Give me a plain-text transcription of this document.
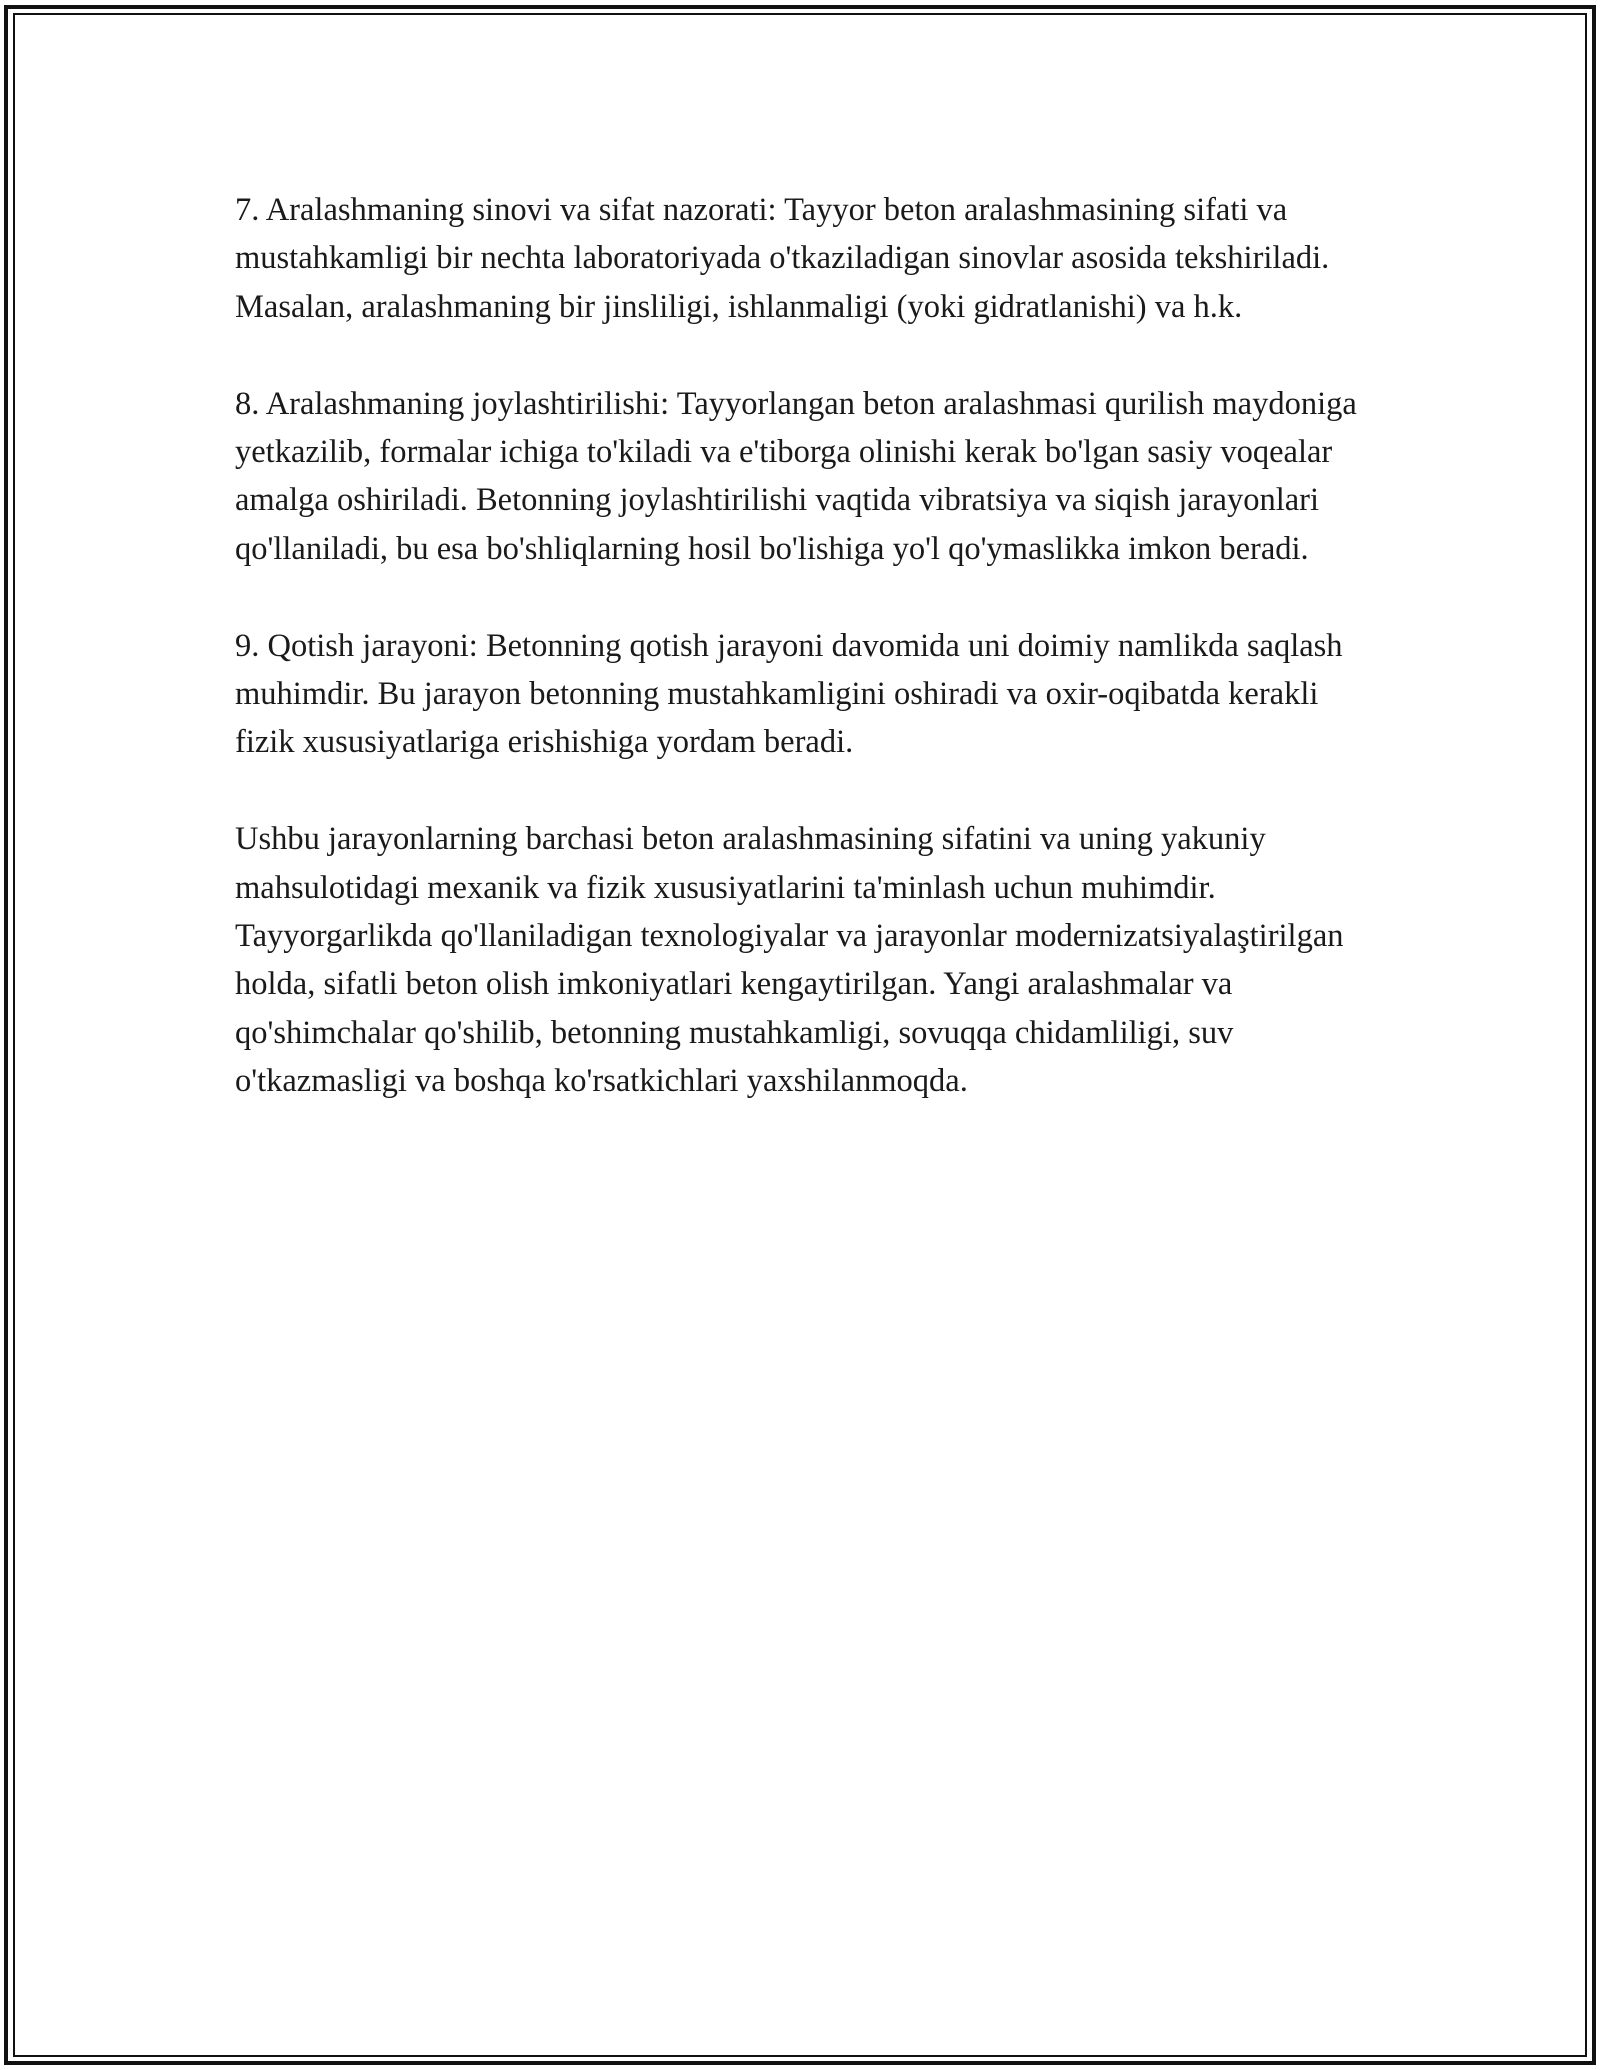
7. Aralashmaning sinovi va sifat nazorati: Tayyor beton aralashmasining sifati va mustahkamligi bir nechta laboratoriyada o'tkaziladigan sinovlar asosida tekshiriladi. Masalan, aralashmaning bir jinsliligi, ishlanmaligi (yoki gidratlanishi) va h.k.

8. Aralashmaning joylashtirilishi: Tayyorlangan beton aralashmasi qurilish maydoniga yetkazilib, formalar ichiga to'kiladi va e'tiborga olinishi kerak bo'lgan sasiy voqealar amalga oshiriladi. Betonning joylashtirilishi vaqtida vibratsiya va siqish jarayonlari qo'llaniladi, bu esa bo'shliqlarning hosil bo'lishiga yo'l qo'ymaslikka imkon beradi.

9. Qotish jarayoni: Betonning qotish jarayoni davomida uni doimiy namlikda saqlash muhimdir. Bu jarayon betonning mustahkamligini oshiradi va oxir-oqibatda kerakli fizik xususiyatlariga erishishiga yordam beradi.

Ushbu jarayonlarning barchasi beton aralashmasining sifatini va uning yakuniy mahsulotidagi mexanik va fizik xususiyatlarini ta'minlash uchun muhimdir. Tayyorgarlikda qo'llaniladigan texnologiyalar va jarayonlar modernizatsiyalaştirilgan holda, sifatli beton olish imkoniyatlari kengaytirilgan. Yangi aralashmalar va qo'shimchalar qo'shilib, betonning mustahkamligi, sovuqqa chidamliligi, suv o'tkazmasligi va boshqa ko'rsatkichlari yaxshilanmoqda.
